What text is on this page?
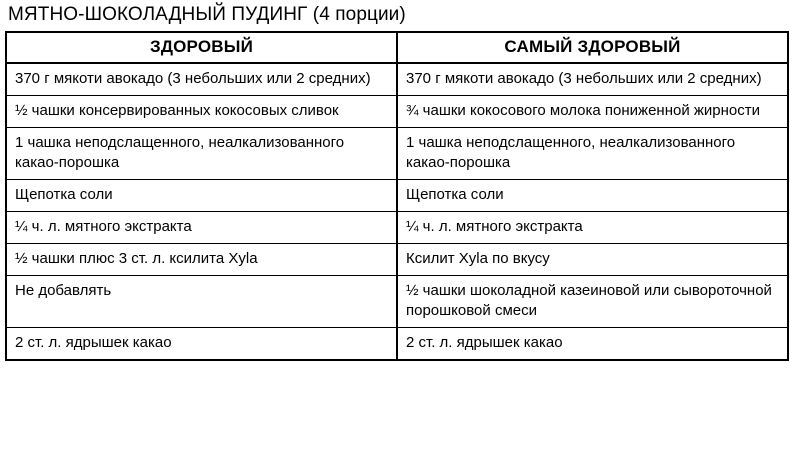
МЯТНО-ШОКОЛАДНЫЙ ПУДИНГ (4 порции)
ЗДОРОВЫЙ	САМЫЙ ЗДОРОВЫЙ
370 г мякоти авокадо (3 небольших или 2 средних)	370 г мякоти авокадо (3 небольших или 2 средних)
½ чашки консервированных кокосовых сливок	¾ чашки кокосового молока пониженной жирности
1 чашка неподслащенного, неалкализованного какао-порошка	1 чашка неподслащенного, неалкализованного какао-порошка
Щепотка соли	Щепотка соли
¼ ч. л. мятного экстракта	¼ ч. л. мятного экстракта
½ чашки плюс 3 ст. л. ксилита Xyla	Ксилит Xyla по вкусу
Не добавлять	½ чашки шоколадной казеиновой или сывороточной порошковой смеси
2 ст. л. ядрышек какао	2 ст. л. ядрышек какао
